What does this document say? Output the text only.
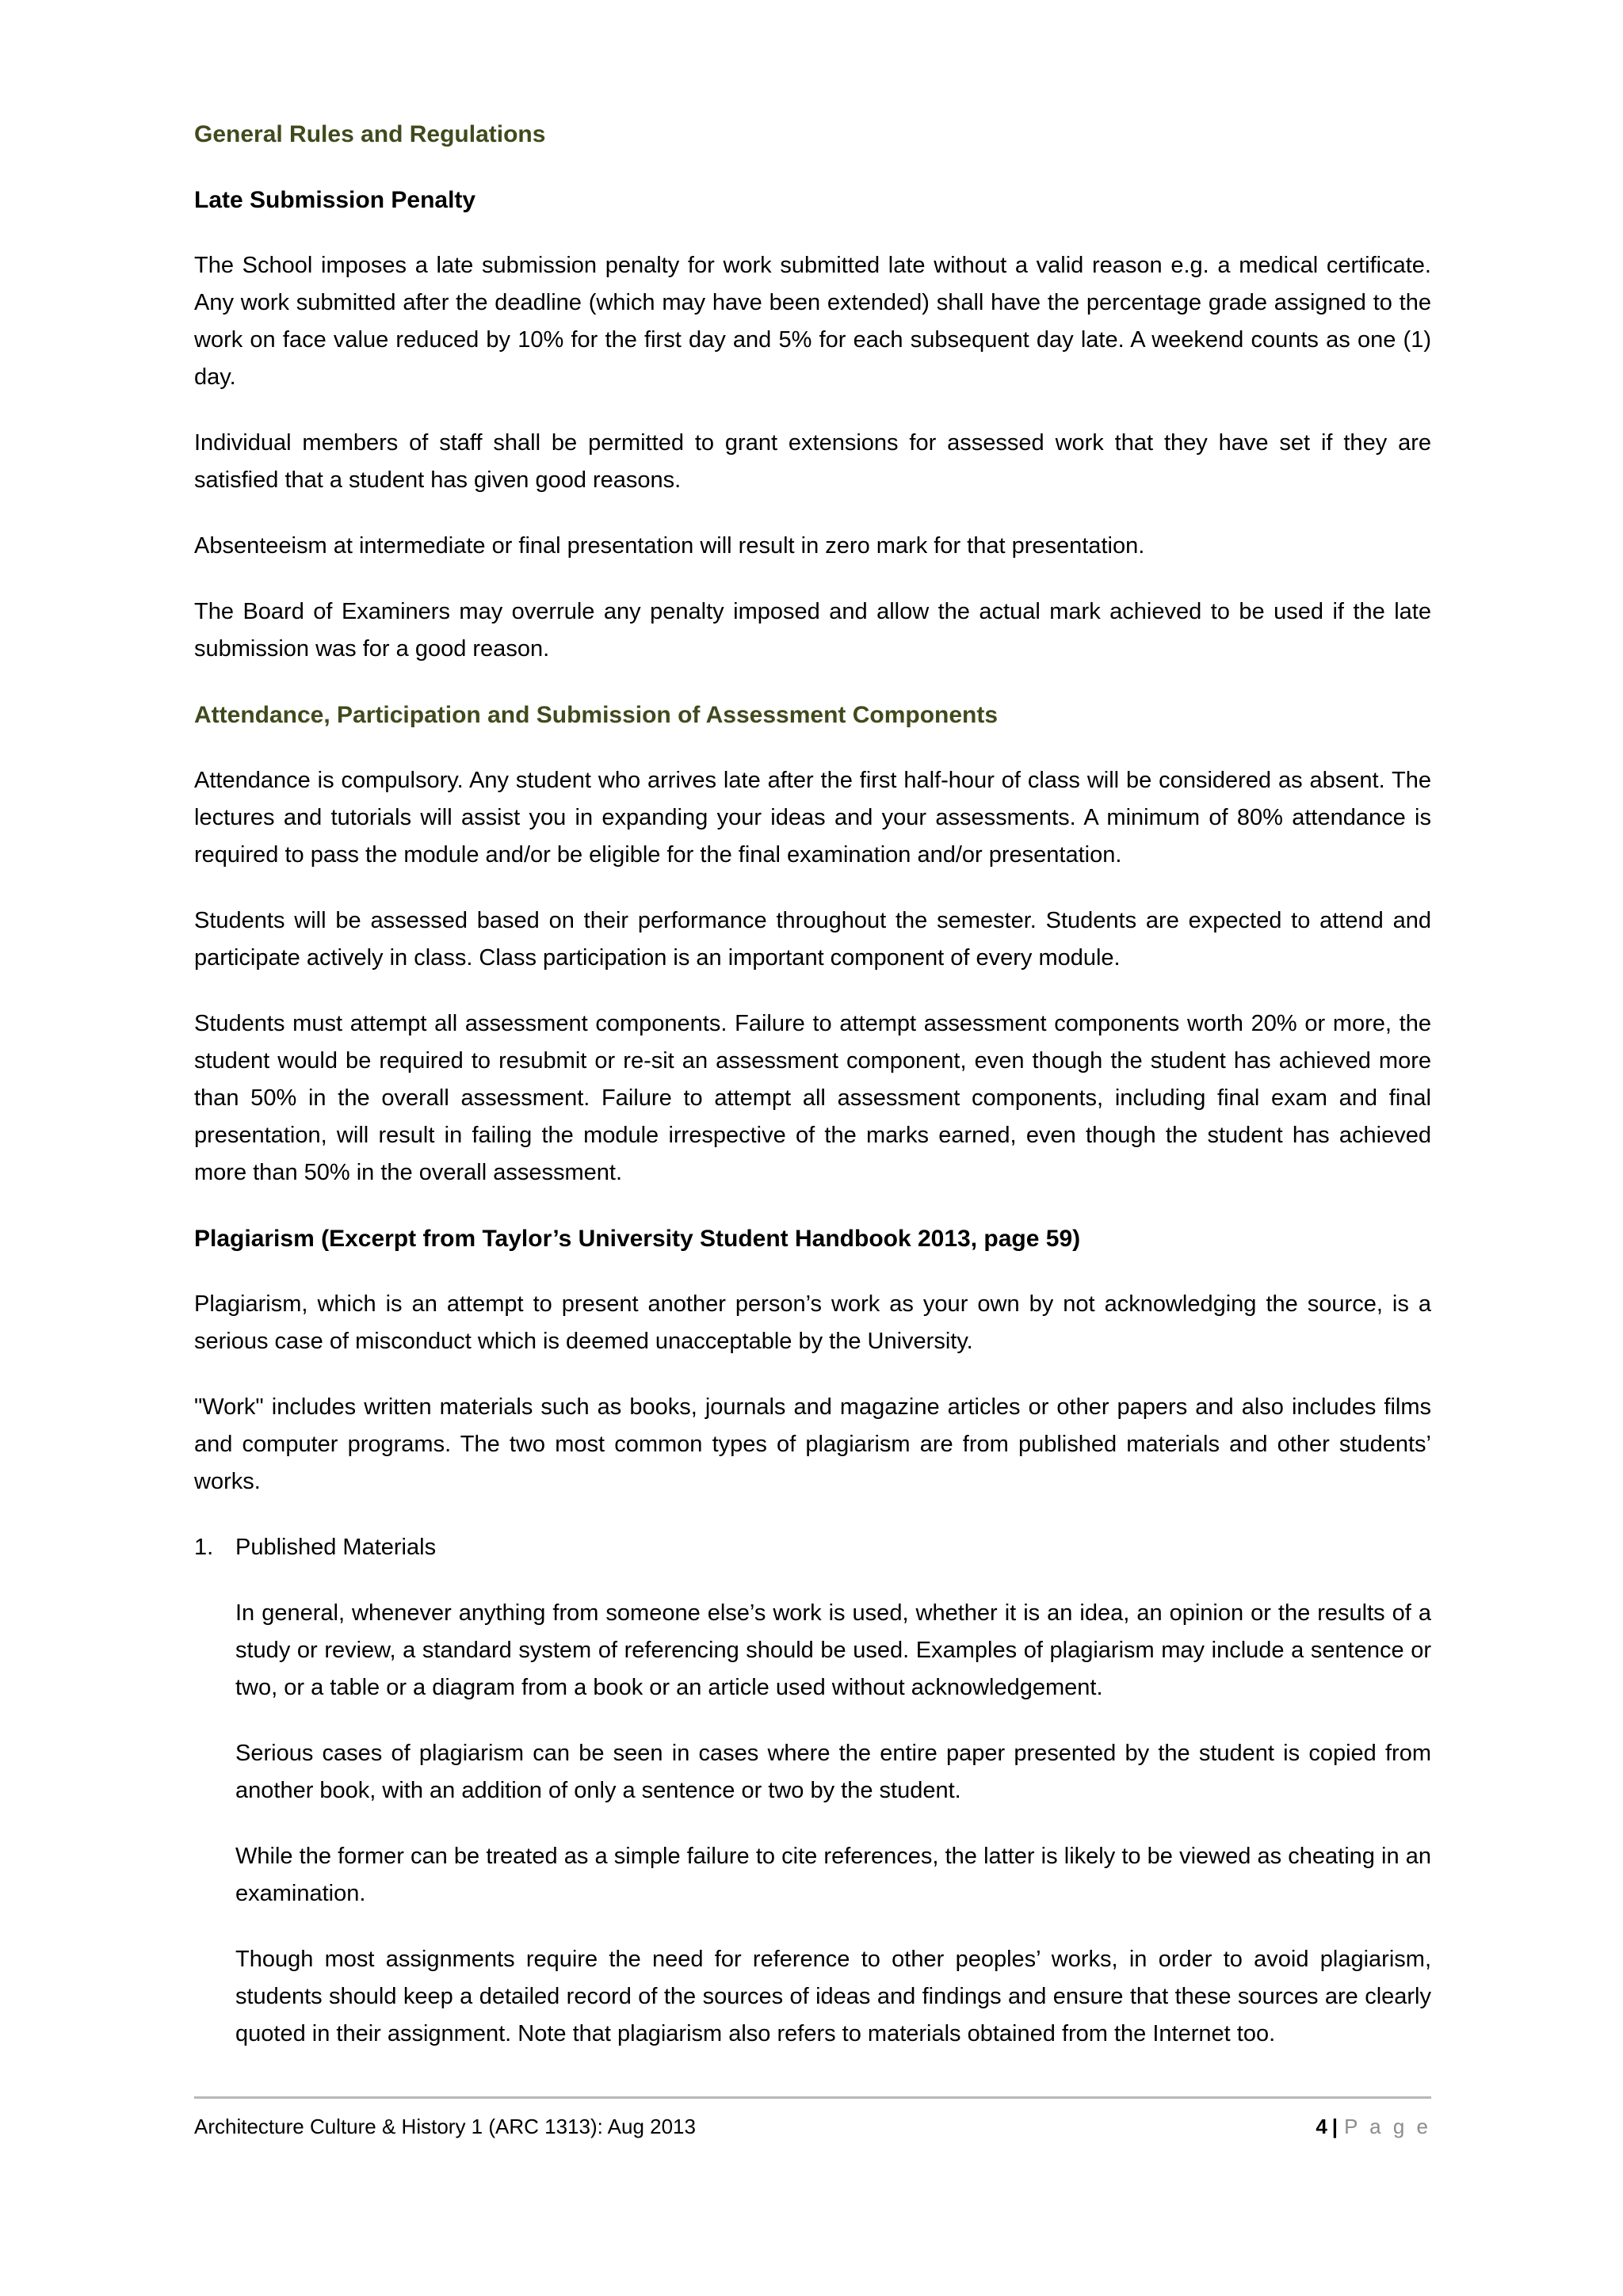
General Rules and Regulations
Late Submission Penalty

The School imposes a late submission penalty for work submitted late without a valid reason e.g. a medical certificate. Any work submitted after the deadline (which may have been extended) shall have the percentage grade assigned to the work on face value reduced by 10% for the first day and 5% for each subsequent day late. A weekend counts as one (1) day.

Individual members of staff shall be permitted to grant extensions for assessed work that they have set if they are satisfied that a student has given good reasons.

Absenteeism at intermediate or final presentation will result in zero mark for that presentation.

The Board of Examiners may overrule any penalty imposed and allow the actual mark achieved to be used if the late submission was for a good reason.

Attendance, Participation and Submission of Assessment Components

Attendance is compulsory. Any student who arrives late after the first half-hour of class will be considered as absent. The lectures and tutorials will assist you in expanding your ideas and your assessments. A minimum of 80% attendance is required to pass the module and/or be eligible for the final examination and/or presentation.

Students will be assessed based on their performance throughout the semester. Students are expected to attend and participate actively in class. Class participation is an important component of every module.

Students must attempt all assessment components. Failure to attempt assessment components worth 20% or more, the student would be required to resubmit or re-sit an assessment component, even though the student has achieved more than 50% in the overall assessment. Failure to attempt all assessment components, including final exam and final presentation, will result in failing the module irrespective of the marks earned, even though the student has achieved more than 50% in the overall assessment.

Plagiarism (Excerpt from Taylor’s University Student Handbook 2013, page 59)

Plagiarism, which is an attempt to present another person’s work as your own by not acknowledging the source, is a serious case of misconduct which is deemed unacceptable by the University.

"Work" includes written materials such as books, journals and magazine articles or other papers and also includes films and computer programs. The two most common types of plagiarism are from published materials and other students’ works.

1. Published Materials

In general, whenever anything from someone else’s work is used, whether it is an idea, an opinion or the results of a study or review, a standard system of referencing should be used. Examples of plagiarism may include a sentence or two, or a table or a diagram from a book or an article used without acknowledgement.

Serious cases of plagiarism can be seen in cases where the entire paper presented by the student is copied from another book, with an addition of only a sentence or two by the student.

While the former can be treated as a simple failure to cite references, the latter is likely to be viewed as cheating in an examination.

Though most assignments require the need for reference to other peoples’ works, in order to avoid plagiarism, students should keep a detailed record of the sources of ideas and findings and ensure that these sources are clearly quoted in their assignment. Note that plagiarism also refers to materials obtained from the Internet too.

Architecture Culture & History 1 (ARC 1313): Aug 2013	4 | P a g e
